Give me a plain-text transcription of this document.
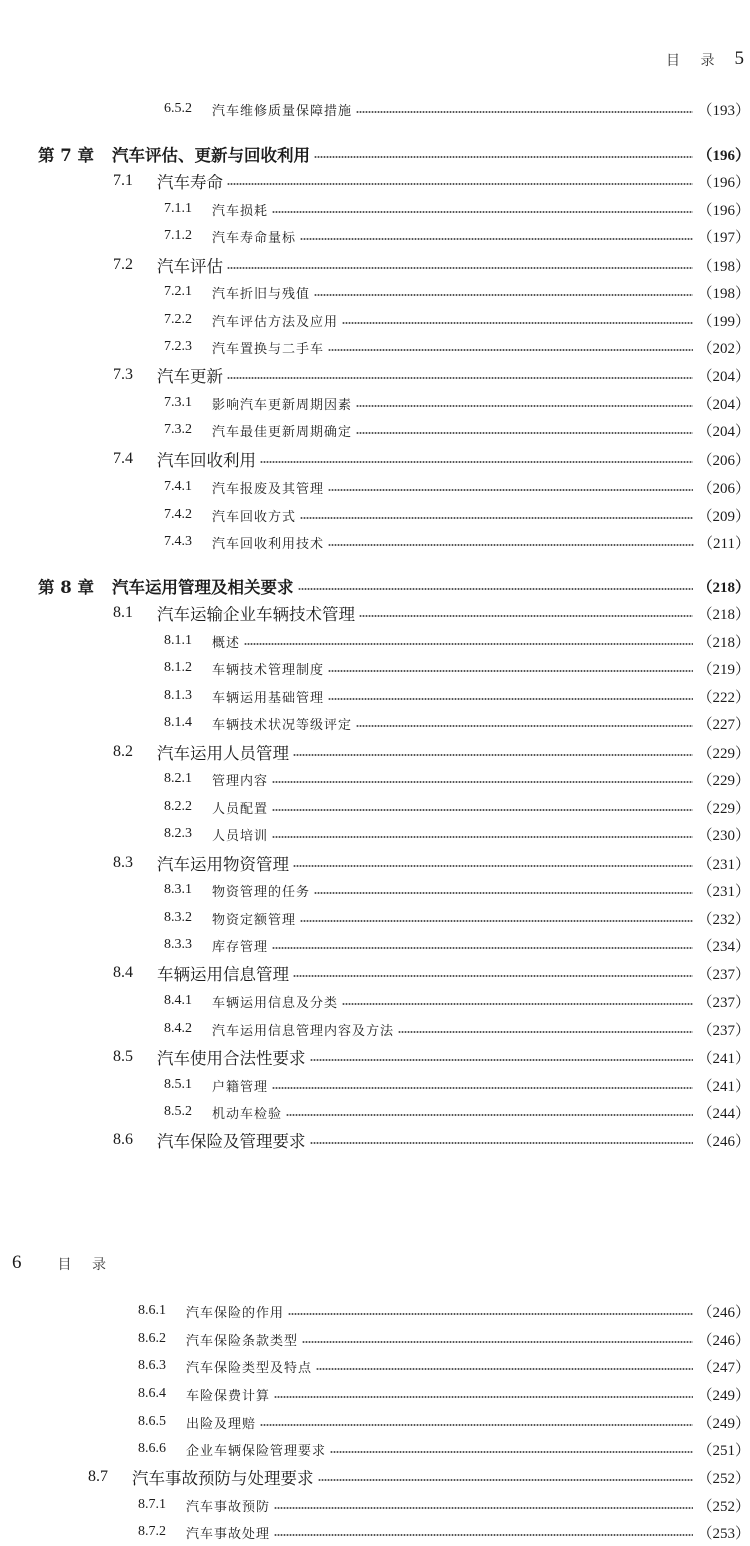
目 录 5
6.5.2	汽车维修质量保障措施	（193）
第 7 章	汽车评估、更新与回收利用	（196）
7.1	汽车寿命	（196）
7.1.1	汽车损耗	（196）
7.1.2	汽车寿命量标	（197）
7.2	汽车评估	（198）
7.2.1	汽车折旧与残值	（198）
7.2.2	汽车评估方法及应用	（199）
7.2.3	汽车置换与二手车	（202）
7.3	汽车更新	（204）
7.3.1	影响汽车更新周期因素	（204）
7.3.2	汽车最佳更新周期确定	（204）
7.4	汽车回收利用	（206）
7.4.1	汽车报废及其管理	（206）
7.4.2	汽车回收方式	（209）
7.4.3	汽车回收利用技术	（211）
第 8 章	汽车运用管理及相关要求	（218）
8.1	汽车运输企业车辆技术管理	（218）
8.1.1	概述	（218）
8.1.2	车辆技术管理制度	（219）
8.1.3	车辆运用基础管理	（222）
8.1.4	车辆技术状况等级评定	（227）
8.2	汽车运用人员管理	（229）
8.2.1	管理内容	（229）
8.2.2	人员配置	（229）
8.2.3	人员培训	（230）
8.3	汽车运用物资管理	（231）
8.3.1	物资管理的任务	（231）
8.3.2	物资定额管理	（232）
8.3.3	库存管理	（234）
8.4	车辆运用信息管理	（237）
8.4.1	车辆运用信息及分类	（237）
8.4.2	汽车运用信息管理内容及方法	（237）
8.5	汽车使用合法性要求	（241）
8.5.1	户籍管理	（241）
8.5.2	机动车检验	（244）
8.6	汽车保险及管理要求	（246）
6	目 录
8.6.1	汽车保险的作用	（246）
8.6.2	汽车保险条款类型	（246）
8.6.3	汽车保险类型及特点	（247）
8.6.4	车险保费计算	（249）
8.6.5	出险及理赔	（249）
8.6.6	企业车辆保险管理要求	（251）
8.7	汽车事故预防与处理要求	（252）
8.7.1	汽车事故预防	（252）
8.7.2	汽车事故处理	（253）
